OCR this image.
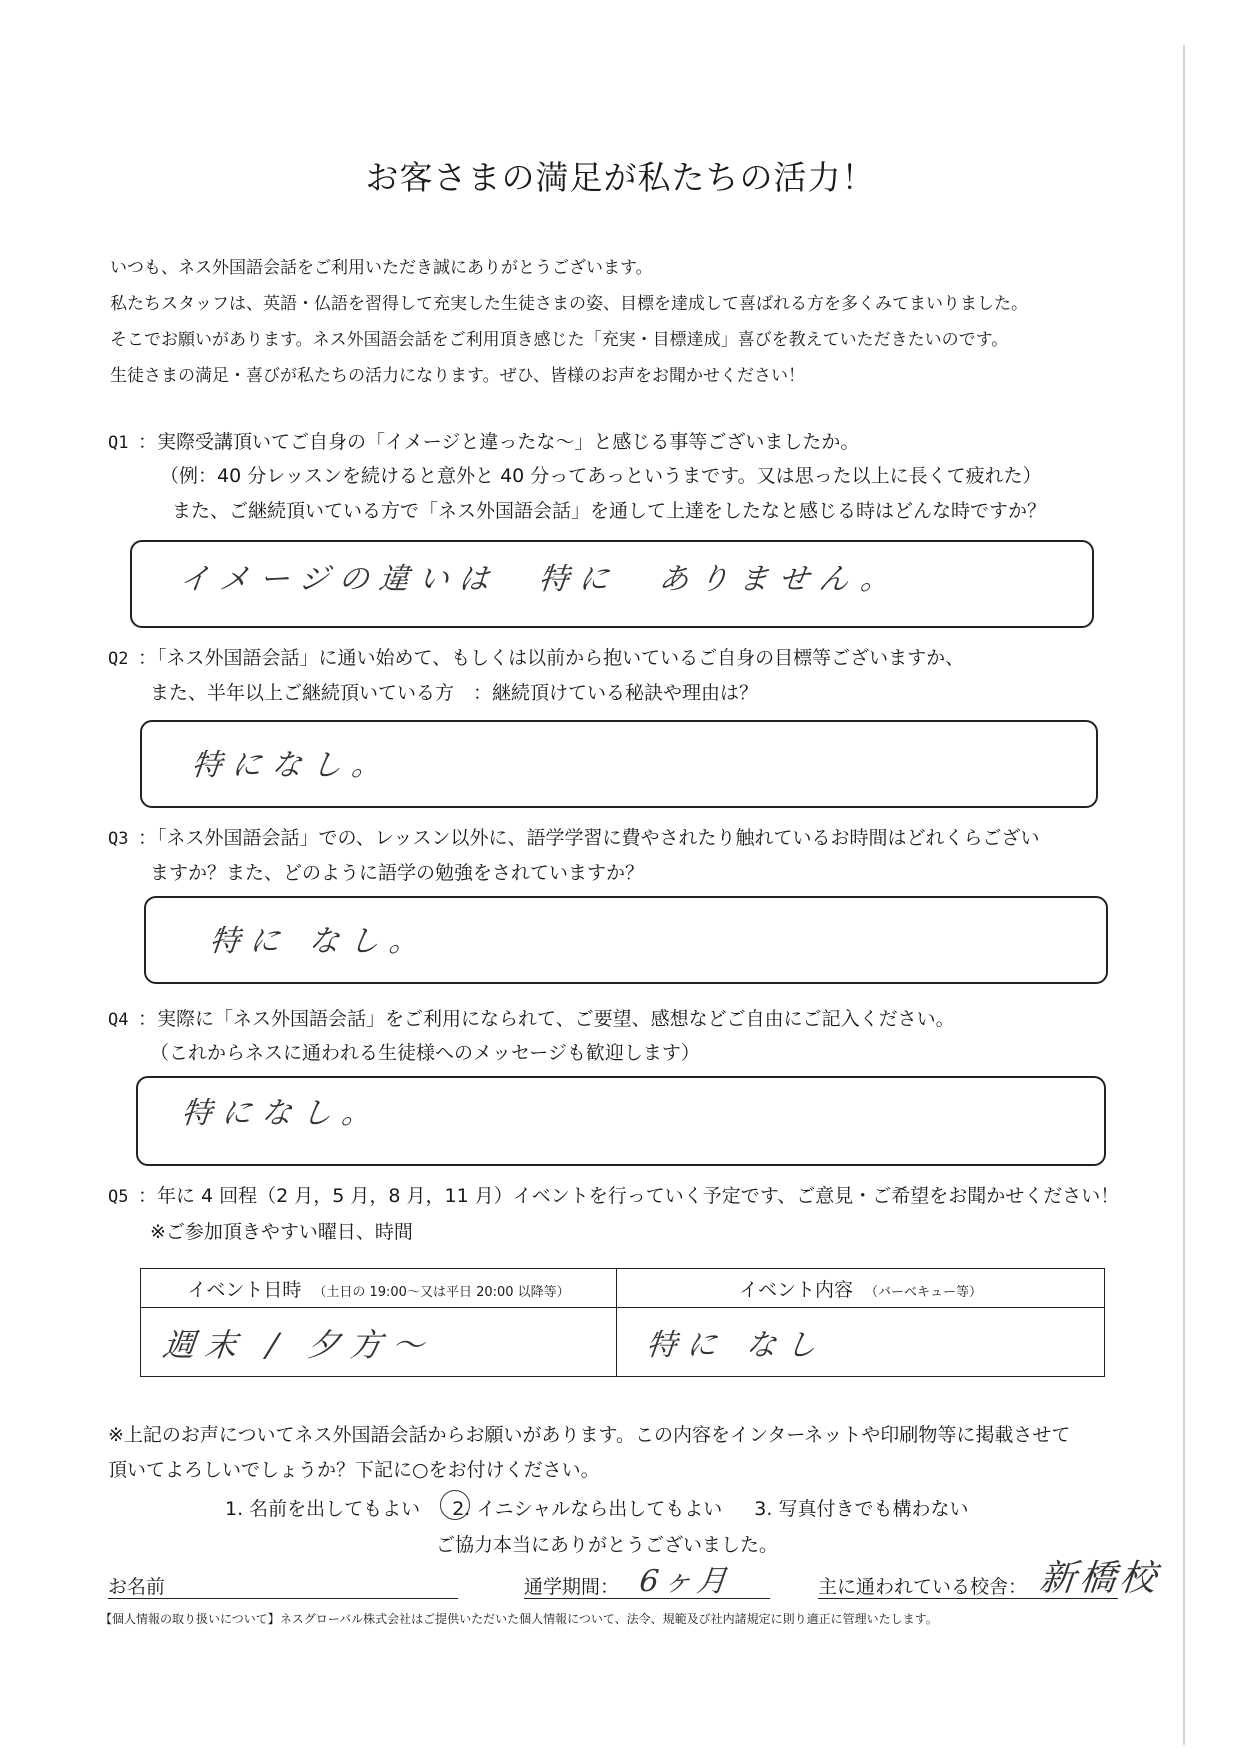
お客さまの満足が私たちの活力！

いつも、ネス外国語会話をご利用いただき誠にありがとうございます。

私たちスタッフは、英語・仏語を習得して充実した生徒さまの姿、目標を達成して喜ばれる方を多くみてまいりました。

そこでお願いがあります。ネス外国語会話をご利用頂き感じた「充実・目標達成」喜びを教えていただきたいのです。

生徒さまの満足・喜びが私たちの活力になります。ぜひ、皆様のお声をお聞かせください！

Q1 ：実際受講頂いてご自身の「イメージと違ったな～」と感じる事等ございましたか。
（例：40 分レッスンを続けると意外と 40 分ってあっというまです。又は思った以上に長くて疲れた）
また、ご継続頂いている方で「ネス外国語会話」を通して上達をしたなと感じる時はどんな時ですか？
イメージの違いは　特に　ありません。
Q2 ：「ネス外国語会話」に通い始めて、もしくは以前から抱いているご自身の目標等ございますか、
また、半年以上ご継続頂いている方　：継続頂けている秘訣や理由は？
特になし。
Q3 ：「ネス外国語会話」での、レッスン以外に、語学学習に費やされたり触れているお時間はどれくらござい
ますか？また、どのように語学の勉強をされていますか？
特に なし。
Q4 ：実際に「ネス外国語会話」をご利用になられて、ご要望、感想などご自由にご記入ください。
（これからネスに通われる生徒様へのメッセージも歓迎します）
特になし。
Q5 ：年に 4 回程（2 月，5 月，8 月，11 月）イベントを行っていく予定です、ご意見・ご希望をお聞かせください！
※ご参加頂きやすい曜日、時間
イベント日時 （土日の 19:00～又は平日 20:00 以降等）	イベント内容 （バーベキュー等）

週末 / 夕方～	特に なし
※上記のお声についてネス外国語会話からお願いがあります。この内容をインターネットや印刷物等に掲載させて
頂いてよろしいでしょうか？下記に○をお付けください。
1. 名前を出してもよい 2. イニシャルなら出してもよい 3. 写真付きでも構わない
ご協力本当にありがとうございました。
お名前	通学期間： 6ヶ月	主に通われている校舎： 新橋校
【個人情報の取り扱いについて】ネスグローバル株式会社はご提供いただいた個人情報について、法令、規範及び社内諸規定に則り適正に管理いたします。
